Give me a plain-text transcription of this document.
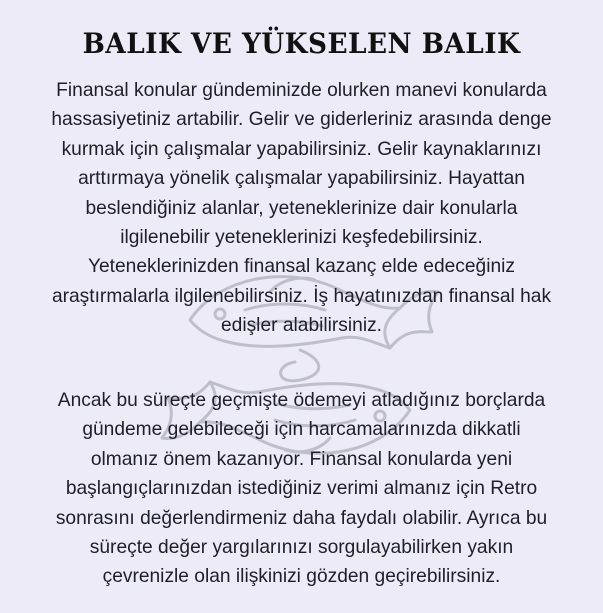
BALIK VE YÜKSELEN BALIK
Finansal konular gündeminizde olurken manevi konularda
hassasiyetiniz artabilir. Gelir ve giderleriniz arasında denge
kurmak için çalışmalar yapabilirsiniz. Gelir kaynaklarınızı
arttırmaya yönelik çalışmalar yapabilirsiniz. Hayattan
beslendiğiniz alanlar, yeteneklerinize dair konularla
ilgilenebilir yeteneklerinizi keşfedebilirsiniz.
Yeteneklerinizden finansal kazanç elde edeceğiniz
araştırmalarla ilgilenebilirsiniz. İş hayatınızdan finansal hak
edişler alabilirsiniz.
Ancak bu süreçte geçmişte ödemeyi atladığınız borçlarda
gündeme gelebileceği için harcamalarınızda dikkatli
olmanız önem kazanıyor. Finansal konularda yeni
başlangıçlarınızdan istediğiniz verimi almanız için Retro
sonrasını değerlendirmeniz daha faydalı olabilir. Ayrıca bu
süreçte değer yargılarınızı sorgulayabilirken yakın
çevrenizle olan ilişkinizi gözden geçirebilirsiniz.
